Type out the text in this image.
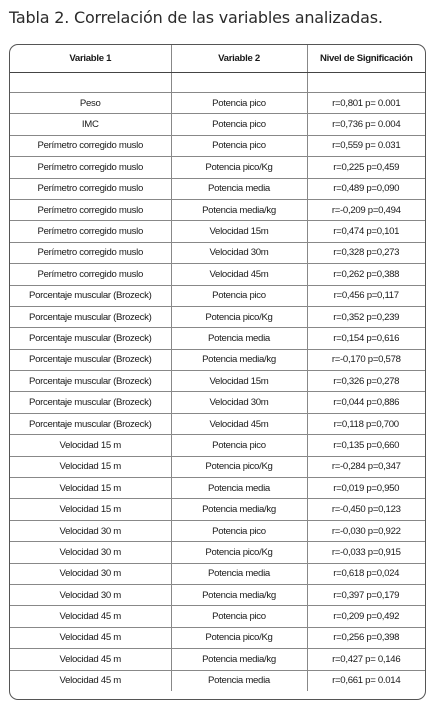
Tabla 2. Correlación de las variables analizadas.
Variable 1	Variable 2	Nivel de Significación

Peso	Potencia pico	r=0,801 p= 0.001
IMC	Potencia pico	r=0,736 p= 0.004
Perímetro corregido muslo	Potencia pico	r=0,559 p= 0.031
Perímetro corregido muslo	Potencia pico/Kg	r=0,225 p=0,459
Perímetro corregido muslo	Potencia media	r=0,489 p=0,090
Perímetro corregido muslo	Potencia media/kg	r=-0,209 p=0,494
Perímetro corregido muslo	Velocidad 15m	r=0,474 p=0,101
Perímetro corregido muslo	Velocidad 30m	r=0,328 p=0,273
Perímetro corregido muslo	Velocidad 45m	r=0,262 p=0,388
Porcentaje muscular (Brozeck)	Potencia pico	r=0,456 p=0,117
Porcentaje muscular (Brozeck)	Potencia pico/Kg	r=0,352 p=0,239
Porcentaje muscular (Brozeck)	Potencia media	r=0,154 p=0,616
Porcentaje muscular (Brozeck)	Potencia media/kg	r=-0,170 p=0,578
Porcentaje muscular (Brozeck)	Velocidad 15m	r=0,326 p=0,278
Porcentaje muscular (Brozeck)	Velocidad 30m	r=0,044 p=0,886
Porcentaje muscular (Brozeck)	Velocidad 45m	r=0,118 p=0,700
Velocidad 15 m	Potencia pico	r=0,135 p=0,660
Velocidad 15 m	Potencia pico/Kg	r=-0,284 p=0,347
Velocidad 15 m	Potencia media	r=0,019 p=0,950
Velocidad 15 m	Potencia media/kg	r=-0,450 p=0,123
Velocidad 30 m	Potencia pico	r=-0,030 p=0,922
Velocidad 30 m	Potencia pico/Kg	r=-0,033 p=0,915
Velocidad 30 m	Potencia media	r=0,618 p=0,024
Velocidad 30 m	Potencia media/kg	r=0,397 p=0,179
Velocidad 45 m	Potencia pico	r=0,209 p=0,492
Velocidad 45 m	Potencia pico/Kg	r=0,256 p=0,398
Velocidad 45 m	Potencia media/kg	r=0,427 p= 0,146
Velocidad 45 m	Potencia media	r=0,661 p= 0.014
